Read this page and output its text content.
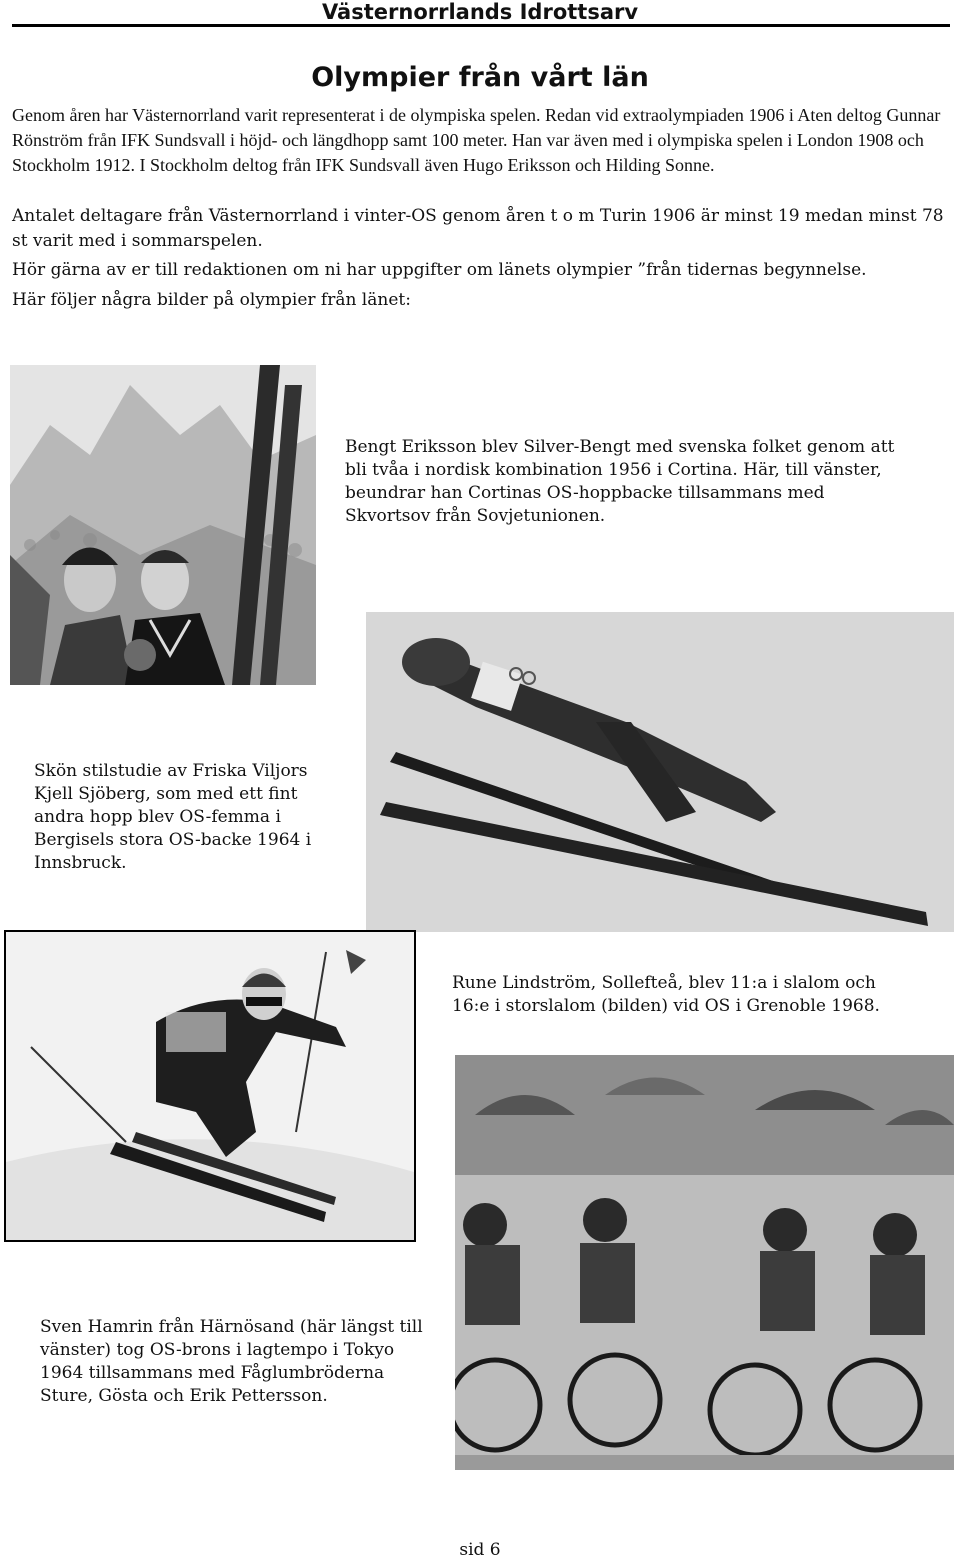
Västernorrlands Idrottsarv
Olympier från vårt län

Genom åren har Västernorrland varit representerat i de olympiska spelen. Redan vid extraolympiaden 1906 i Aten deltog Gunnar Rönström från IFK Sundsvall i höjd- och längdhopp samt 100 meter. Han var även med i olympiska spelen i London 1908 och Stockholm 1912. I Stockholm deltog från IFK Sundsvall även Hugo Eriksson och Hilding Sonne.

Antalet deltagare från Västernorrland i vinter-OS genom åren t o m Turin 1906 är minst 19 medan minst 78 st varit med i sommarspelen.

Hör gärna av er till redaktionen om ni har uppgifter om länets olympier ”från tidernas begynnelse.

Här följer några bilder på olympier från länet:

Bengt Eriksson blev Silver-Bengt med svenska folket genom att bli tvåa i nordisk kombination 1956 i Cortina. Här, till vänster, beundrar han Cortinas OS-hoppbacke tillsammans med Skvortsov från Sovjetunionen.

Skön stilstudie av Friska Viljors Kjell Sjöberg, som med ett fint andra hopp blev OS-femma i Bergisels stora OS-backe 1964 i Innsbruck.

Rune Lindström, Sollefteå, blev 11:a i slalom och 16:e i storslalom (bilden) vid OS i Grenoble 1968.

Sven Hamrin från Härnösand (här längst till vänster) tog OS-brons i lagtempo i Tokyo 1964 tillsammans med Fåglumbröderna Sture, Gösta och Erik Pettersson.

sid 6
